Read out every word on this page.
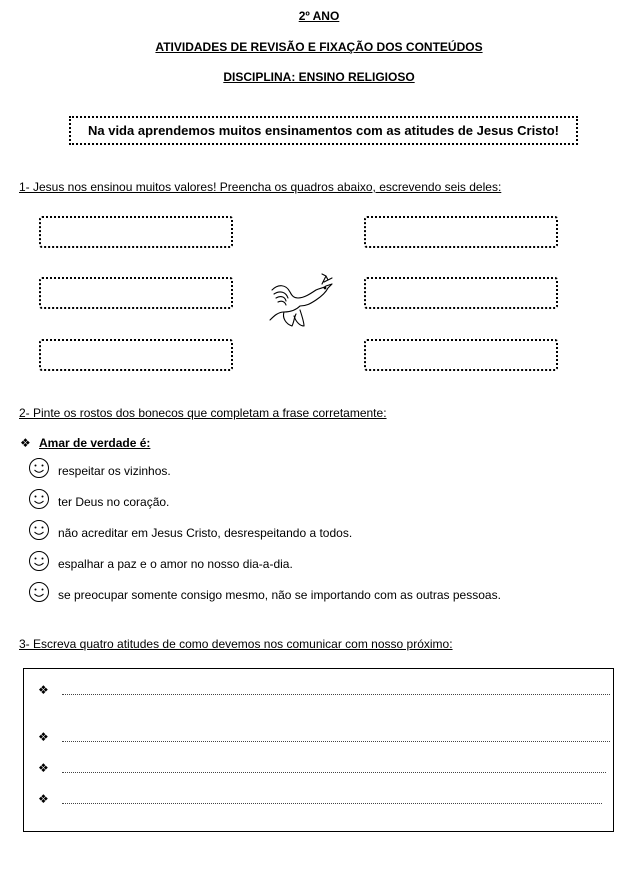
2º ANO
ATIVIDADES DE REVISÃO E FIXAÇÃO DOS CONTEÚDOS
DISCIPLINA: ENSINO RELIGIOSO
Na vida aprendemos muitos ensinamentos com as atitudes de Jesus Cristo!
1- Jesus nos ensinou muitos valores! Preencha os quadros abaixo, escrevendo seis deles:
2- Pinte os rostos dos bonecos que completam a frase corretamente:
❖ Amar de verdade é:
respeitar os vizinhos.
ter Deus no coração.
não acreditar em Jesus Cristo, desrespeitando a todos.
espalhar a paz e o amor no nosso dia-a-dia.
se preocupar somente consigo mesmo, não se importando com as outras pessoas.
3- Escreva quatro atitudes de como devemos nos comunicar com nosso próximo:
❖
❖
❖
❖
